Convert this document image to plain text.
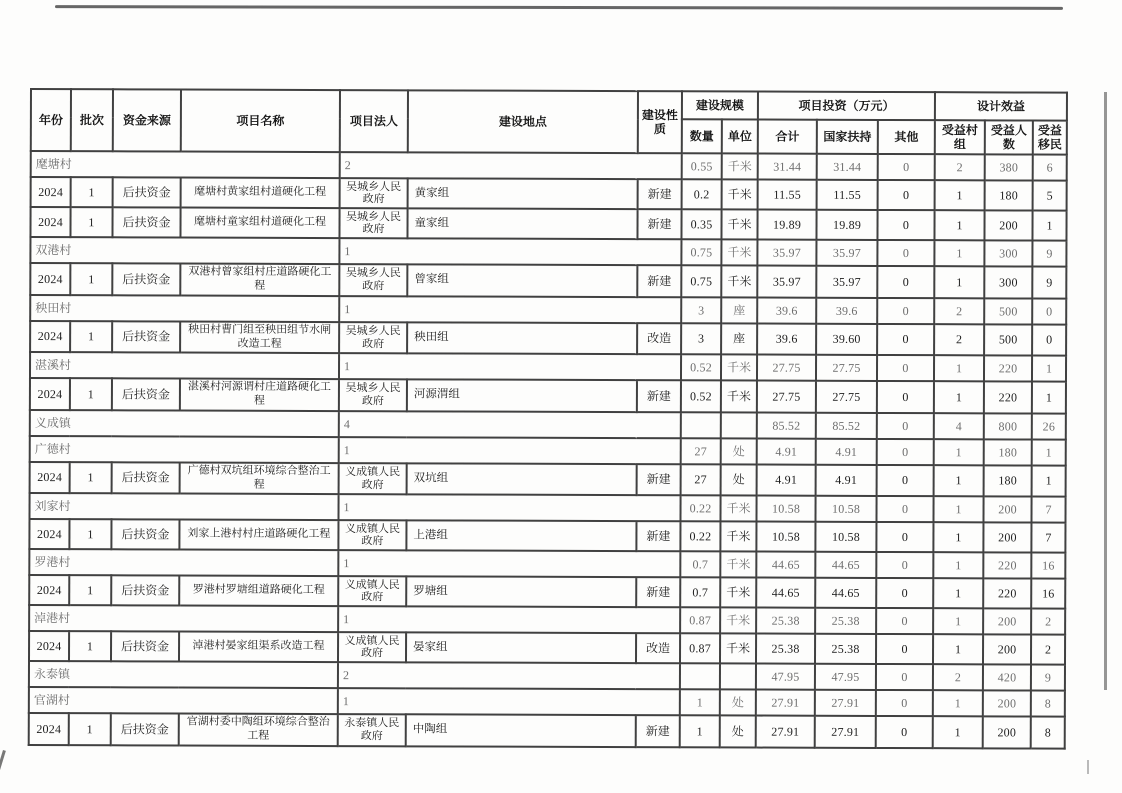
年份	批次	资金来源	项目名称	项目法人	建设地点	建设性质	建设规模		项目投资（万元）			设计效益		
							数量	单位	合计	国家扶持	其他	受益村组	受益人数	受益移民
麾塘村				2			0.55	千米	31.44	31.44	0	2	380	6
2024	1	后扶资金	麾塘村黄家组村道硬化工程	吴城乡人民政府	黄家组	新建	0.2	千米	11.55	11.55	0	1	180	5
2024	1	后扶资金	麾塘村童家组村道硬化工程	吴城乡人民政府	童家组	新建	0.35	千米	19.89	19.89	0	1	200	1
双港村				1			0.75	千米	35.97	35.97	0	1	300	9
2024	1	后扶资金	双港村曾家组村庄道路硬化工程	吴城乡人民政府	曾家组	新建	0.75	千米	35.97	35.97	0	1	300	9
秧田村				1			3	座	39.6	39.6	0	2	500	0
2024	1	后扶资金	秧田村曹门组至秧田组节水闸改造工程	吴城乡人民政府	秧田组	改造	3	座	39.6	39.60	0	2	500	0
湛溪村				1			0.52	千米	27.75	27.75	0	1	220	1
2024	1	后扶资金	湛溪村河源谓村庄道路硬化工程	吴城乡人民政府	河源渭组	新建	0.52	千米	27.75	27.75	0	1	220	1
义成镇				4					85.52	85.52	0	4	800	26
广德村				1			27	处	4.91	4.91	0	1	180	1
2024	1	后扶资金	广德村双坑组环境综合整治工程	义成镇人民政府	双坑组	新建	27	处	4.91	4.91	0	1	180	1
刘家村				1			0.22	千米	10.58	10.58	0	1	200	7
2024	1	后扶资金	刘家上港村村庄道路硬化工程	义成镇人民政府	上港组	新建	0.22	千米	10.58	10.58	0	1	200	7
罗港村				1			0.7	千米	44.65	44.65	0	1	220	16
2024	1	后扶资金	罗港村罗塘组道路硬化工程	义成镇人民政府	罗塘组	新建	0.7	千米	44.65	44.65	0	1	220	16
淖港村				1			0.87	千米	25.38	25.38	0	1	200	2
2024	1	后扶资金	淖港村晏家组渠系改造工程	义成镇人民政府	晏家组	改造	0.87	千米	25.38	25.38	0	1	200	2
永泰镇				2					47.95	47.95	0	2	420	9
官湖村				1			1	处	27.91	27.91	0	1	200	8
2024	1	后扶资金	官湖村委中陶组环境综合整治工程	永泰镇人民政府	中陶组	新建	1	处	27.91	27.91	0	1	200	8
